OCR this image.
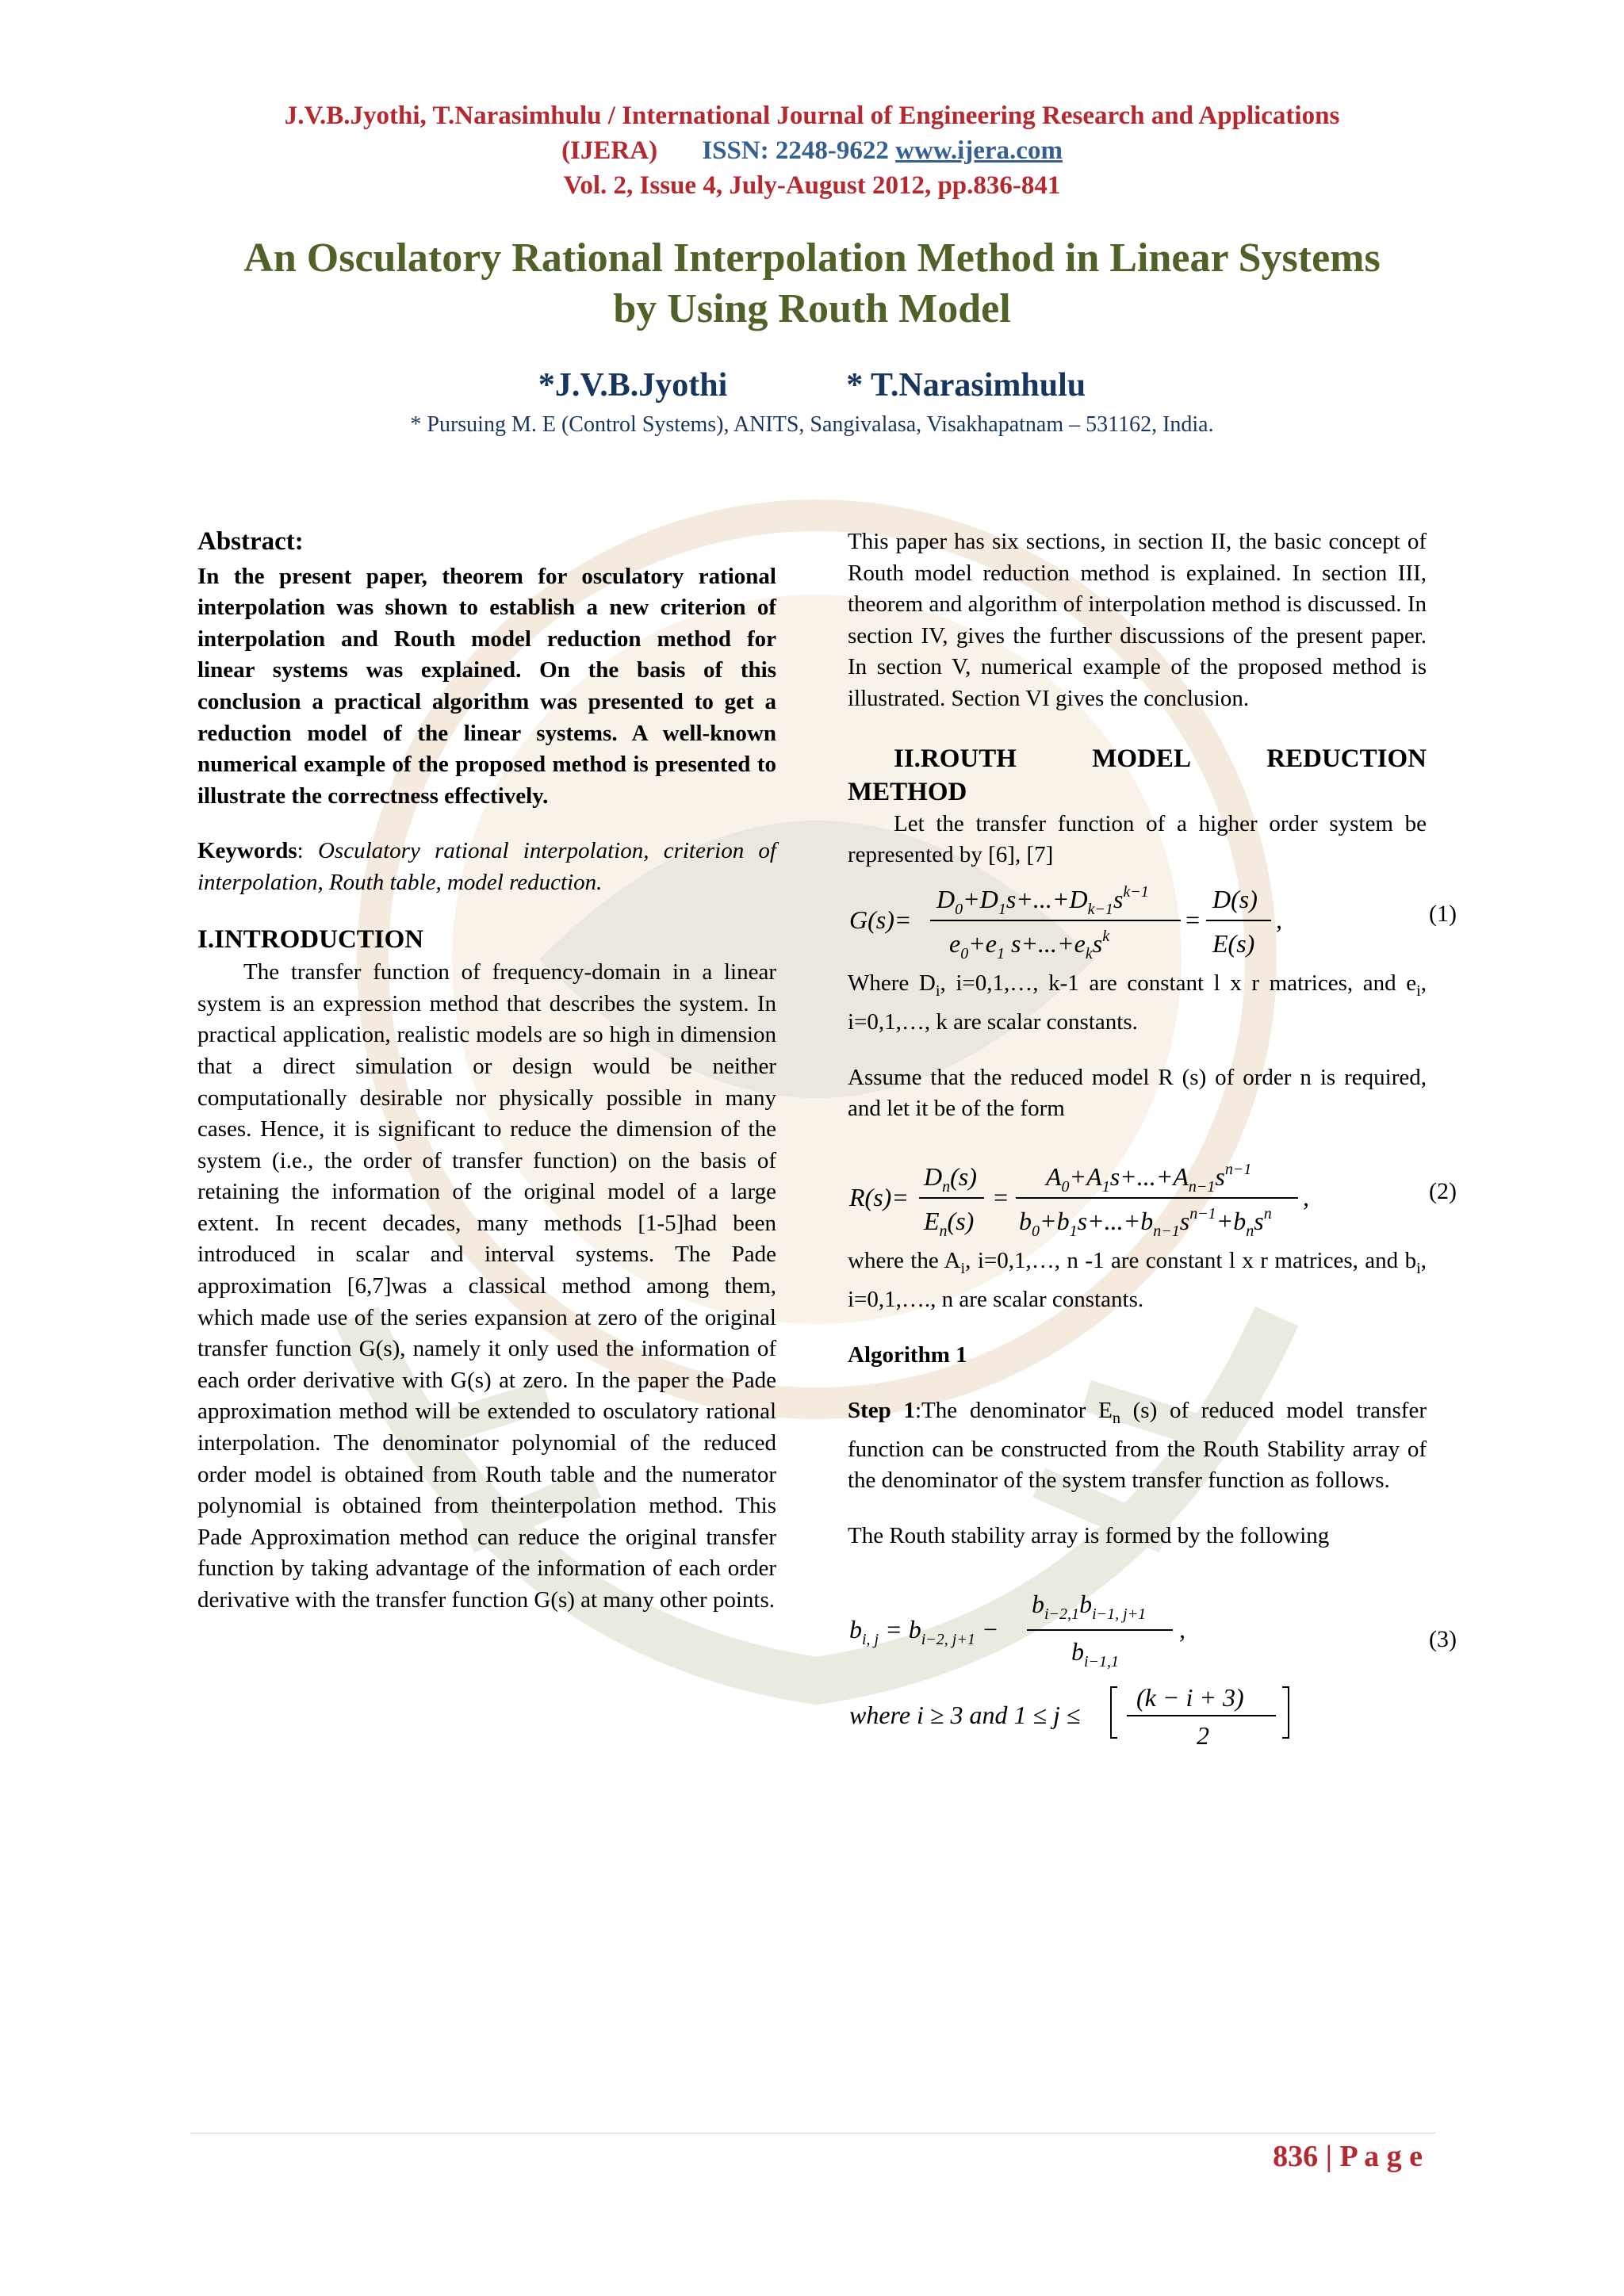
J.V.B.Jyothi, T.Narasimhulu / International Journal of Engineering Research and Applications
(IJERA) ISSN: 2248-9622 www.ijera.com
Vol. 2, Issue 4, July-August 2012, pp.836-841
An Osculatory Rational Interpolation Method in Linear Systems
by Using Routh Model
*J.V.B.Jyothi	* T.Narasimhulu
* Pursuing M. E (Control Systems), ANITS, Sangivalasa, Visakhapatnam – 531162, India.
Abstract:

In the present paper, theorem for osculatory rational interpolation was shown to establish a new criterion of interpolation and Routh model reduction method for linear systems was explained. On the basis of this conclusion a practical algorithm was presented to get a reduction model of the linear systems. A well-known numerical example of the proposed method is presented to illustrate the correctness effectively.

Keywords: Osculatory rational interpolation, criterion of interpolation, Routh table, model reduction.

I.INTRODUCTION

The transfer function of frequency-domain in a linear system is an expression method that describes the system. In practical application, realistic models are so high in dimension that a direct simulation or design would be neither computationally desirable nor physically possible in many cases. Hence, it is significant to reduce the dimension of the system (i.e., the order of transfer function) on the basis of retaining the information of the original model of a large extent. In recent decades, many methods [1-5]had been introduced in scalar and interval systems. The Pade approximation [6,7]was a classical method among them, which made use of the series expansion at zero of the original transfer function G(s), namely it only used the information of each order derivative with G(s) at zero. In the paper the Pade approximation method will be extended to osculatory rational interpolation. The denominator polynomial of the reduced order model is obtained from Routh table and the numerator polynomial is obtained from theinterpolation method. This Pade Approximation method can reduce the original transfer function by taking advantage of the information of each order derivative with the transfer function G(s) at many other points.

This paper has six sections, in section II, the basic concept of Routh model reduction method is explained. In section III, theorem and algorithm of interpolation method is discussed. In section IV, gives the further discussions of the present paper. In section V, numerical example of the proposed method is illustrated. Section VI gives the conclusion.

II.ROUTH	MODEL	REDUCTION
METHOD

Let the transfer function of a higher order system be represented by [6], [7]

G(s)=
$D_0+D_1s+...+D_{k-1}s^{k-1}$
$e_0+e_1$ $s+...+e_ks^k$
=
D(s)
E(s)
,	(1)

Where $D_i$, i=0,1,…, k-1 are constant l x r matrices, and $e_i$, i=0,1,…, k are scalar constants.

Assume that the reduced model R (s) of order n is required, and let it be of the form

R(s)=
$D_n(s)$
$E_n(s)$
=
$A_0+A_1s+...+A_{n-1}s^{n-1}$
$b_0+b_1s+...+b_{n-1}s^{n-1}+b_ns^n$
,	(2)

where the $A_i$, i=0,1,…, n -1 are constant l x r matrices, and $b_i$, i=0,1,…., n are scalar constants.

Algorithm 1

Step 1:The denominator $E_n$ (s) of reduced model transfer function can be constructed from the Routh Stability array of the denominator of the system transfer function as follows.

The Routh stability array is formed by the following

$b_{i, j} = b_{i-2, j+1}$ −
$b_{i-2,1}b_{i-1, j+1}$
$b_{i-1,1}$
,
where i ≥ 3 and 1 ≤ j ≤
(k − i + 3)
2
(3)
836 | P a g e
